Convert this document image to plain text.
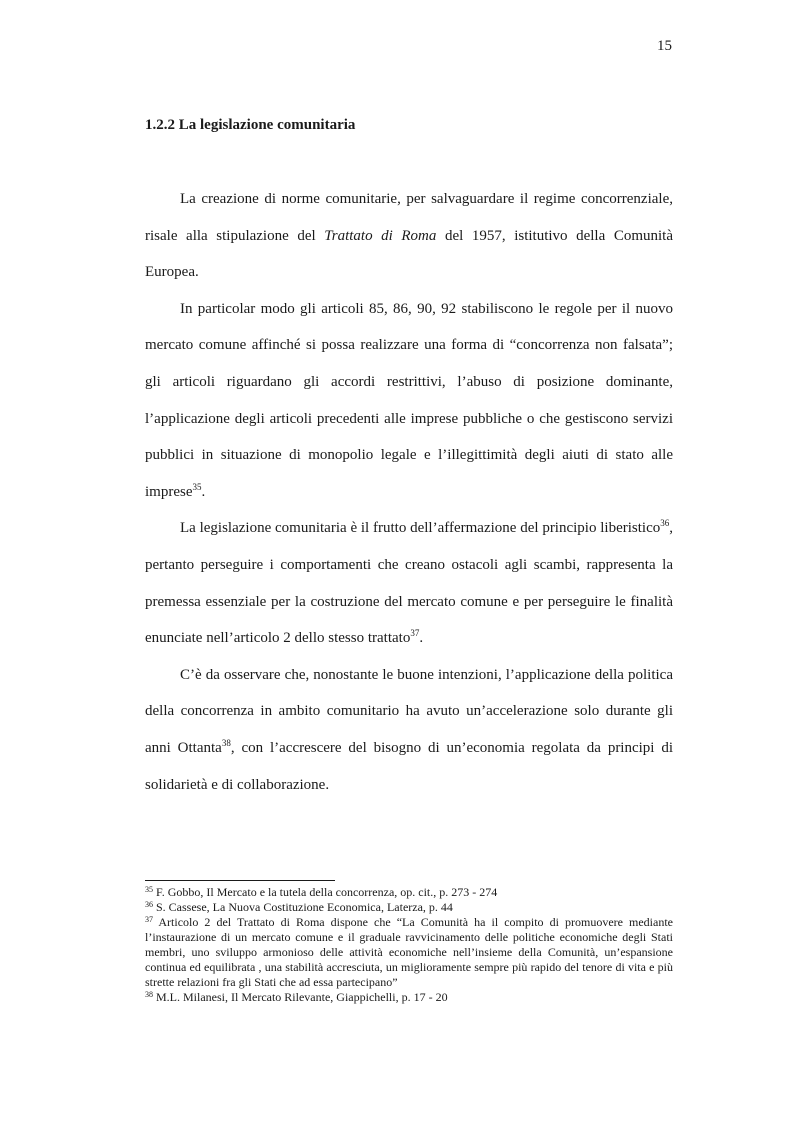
15
1.2.2 La legislazione comunitaria

La creazione di norme comunitarie, per salvaguardare il regime concorrenziale, risale alla stipulazione del Trattato di Roma del 1957, istitutivo della Comunità Europea.

In particolar modo gli articoli 85, 86, 90, 92 stabiliscono le regole per il nuovo mercato comune affinché si possa realizzare una forma di “concorrenza non falsata”; gli articoli riguardano gli accordi restrittivi, l’abuso di posizione dominante, l’applicazione degli articoli precedenti alle imprese pubbliche o che gestiscono servizi pubblici in situazione di monopolio legale e l’illegittimità degli aiuti di stato alle imprese$^{35}$.

La legislazione comunitaria è il frutto dell’affermazione del principio liberistico$^{36}$, pertanto perseguire i comportamenti che creano ostacoli agli scambi, rappresenta la premessa essenziale per la costruzione del mercato comune e per perseguire le finalità enunciate nell’articolo 2 dello stesso trattato$^{37}$.

C’è da osservare che, nonostante le buone intenzioni, l’applicazione della politica della concorrenza in ambito comunitario ha avuto un’accelerazione solo durante gli anni Ottanta$^{38}$, con l’accrescere del bisogno di un’economia regolata da principi di solidarietà e di collaborazione.

$^{35}$ F. Gobbo, Il Mercato e la tutela della concorrenza, op. cit., p. 273 - 274

$^{36}$ S. Cassese, La Nuova Costituzione Economica, Laterza, p. 44

$^{37}$ Articolo 2 del Trattato di Roma dispone che “La Comunità ha il compito di promuovere mediante l’instaurazione di un mercato comune e il graduale ravvicinamento delle politiche economiche degli Stati membri, uno sviluppo armonioso delle attività economiche nell’insieme della Comunità, un’espansione continua ed equilibrata , una stabilità accresciuta, un miglioramente sempre più rapido del tenore di vita e più strette relazioni fra gli Stati che ad essa partecipano”

$^{38}$ M.L. Milanesi, Il Mercato Rilevante, Giappichelli, p. 17 - 20
